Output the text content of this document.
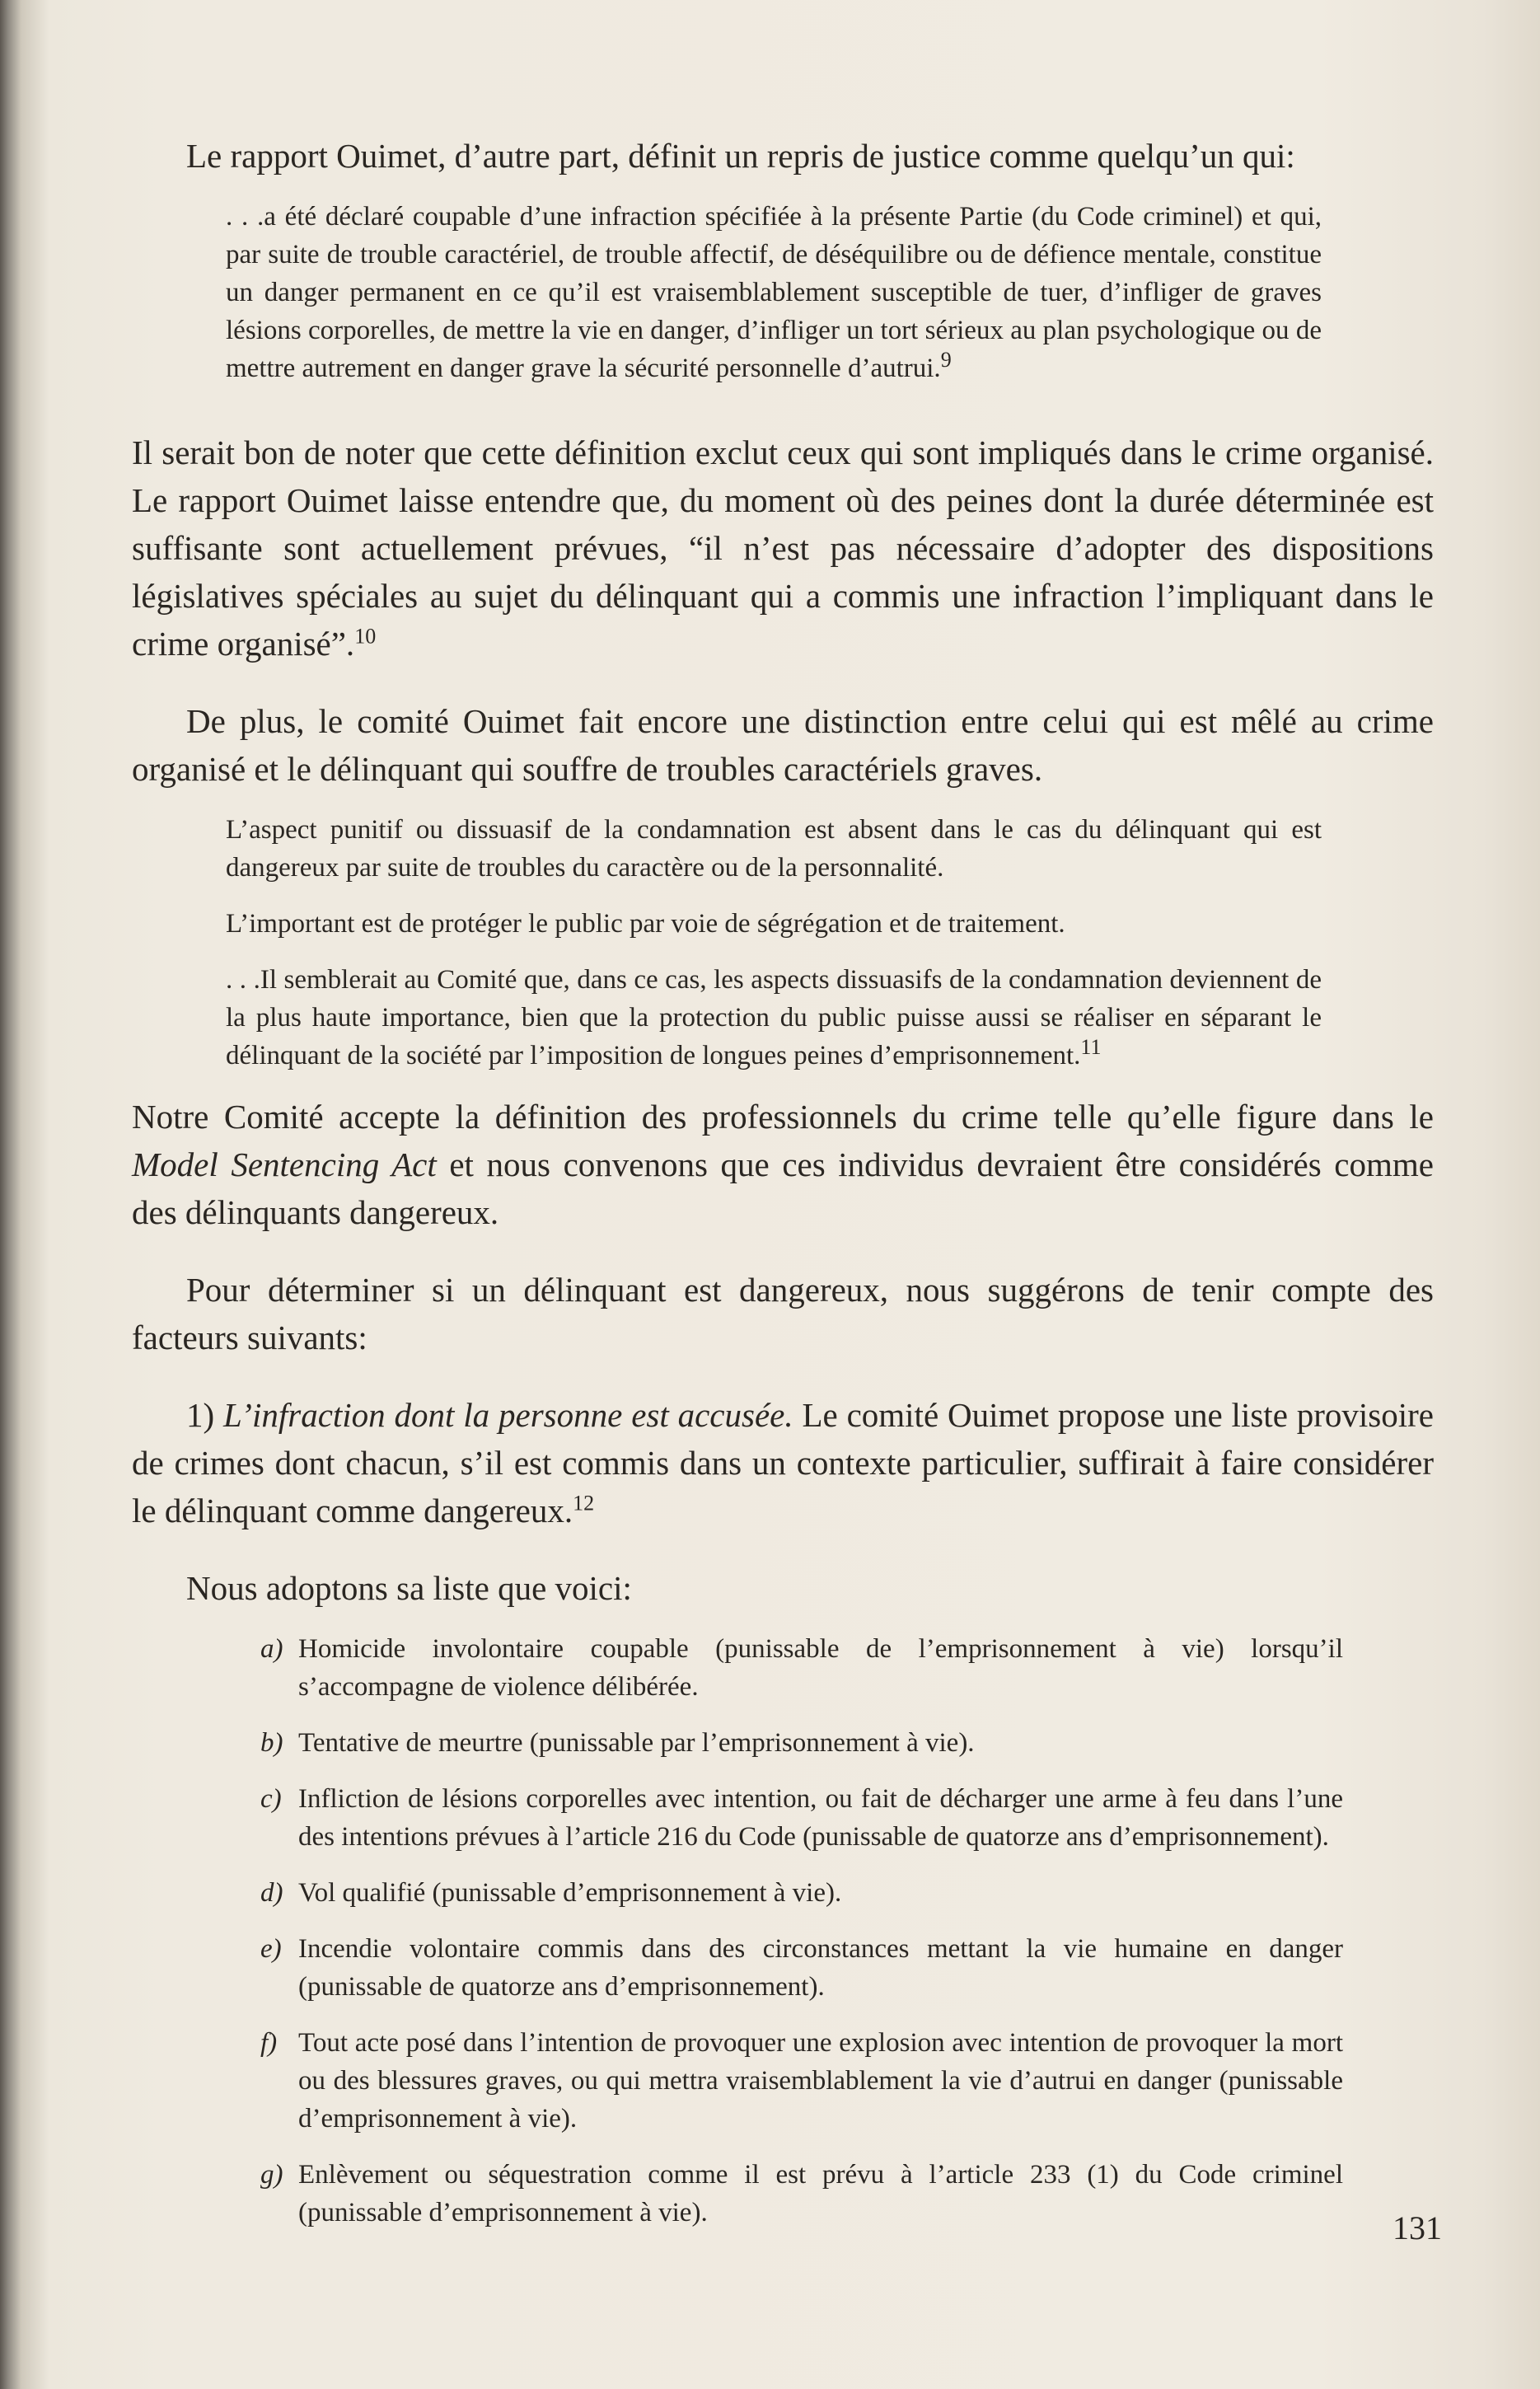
Le rapport Ouimet, d’autre part, définit un repris de justice comme quelqu’un qui:

. . .a été déclaré coupable d’une infraction spécifiée à la présente Partie (du Code criminel) et qui, par suite de trouble caractériel, de trouble affectif, de déséquilibre ou de défience mentale, constitue un danger permanent en ce qu’il est vraisemblablement susceptible de tuer, d’infliger de graves lésions corporelles, de mettre la vie en danger, d’infliger un tort sérieux au plan psychologique ou de mettre autrement en danger grave la sécurité personnelle d’autrui.$^9$

Il serait bon de noter que cette définition exclut ceux qui sont impliqués dans le crime organisé. Le rapport Ouimet laisse entendre que, du moment où des peines dont la durée déterminée est suffisante sont actuellement prévues, “il n’est pas nécessaire d’adopter des dispositions législatives spéciales au sujet du délinquant qui a commis une infraction l’impliquant dans le crime organisé”.$^{10}$

De plus, le comité Ouimet fait encore une distinction entre celui qui est mêlé au crime organisé et le délinquant qui souffre de troubles caractériels graves.

L’aspect punitif ou dissuasif de la condamnation est absent dans le cas du délinquant qui est dangereux par suite de troubles du caractère ou de la personnalité.

L’important est de protéger le public par voie de ségrégation et de traitement.

. . .Il semblerait au Comité que, dans ce cas, les aspects dissuasifs de la condamnation deviennent de la plus haute importance, bien que la protection du public puisse aussi se réaliser en séparant le délinquant de la société par l’imposition de longues peines d’emprisonnement.$^{11}$

Notre Comité accepte la définition des professionnels du crime telle qu’elle figure dans le Model Sentencing Act et nous convenons que ces individus devraient être considérés comme des délinquants dangereux.

Pour déterminer si un délinquant est dangereux, nous suggérons de tenir compte des facteurs suivants:

1) L’infraction dont la personne est accusée. Le comité Ouimet propose une liste provisoire de crimes dont chacun, s’il est commis dans un contexte particulier, suffirait à faire considérer le délinquant comme dangereux.$^{12}$

Nous adoptons sa liste que voici:

a) Homicide involontaire coupable (punissable de l’emprisonnement à vie) lorsqu’il s’accompagne de violence délibérée.
b) Tentative de meurtre (punissable par l’emprisonnement à vie).
c) Infliction de lésions corporelles avec intention, ou fait de décharger une arme à feu dans l’une des intentions prévues à l’article 216 du Code (punissable de quatorze ans d’emprisonnement).
d) Vol qualifié (punissable d’emprisonnement à vie).
e) Incendie volontaire commis dans des circonstances mettant la vie humaine en danger (punissable de quatorze ans d’emprisonnement).
f) Tout acte posé dans l’intention de provoquer une explosion avec intention de provoquer la mort ou des blessures graves, ou qui mettra vraisemblablement la vie d’autrui en danger (punissable d’emprisonnement à vie).
g) Enlèvement ou séquestration comme il est prévu à l’article 233 (1) du Code criminel (punissable d’emprisonnement à vie).	131
